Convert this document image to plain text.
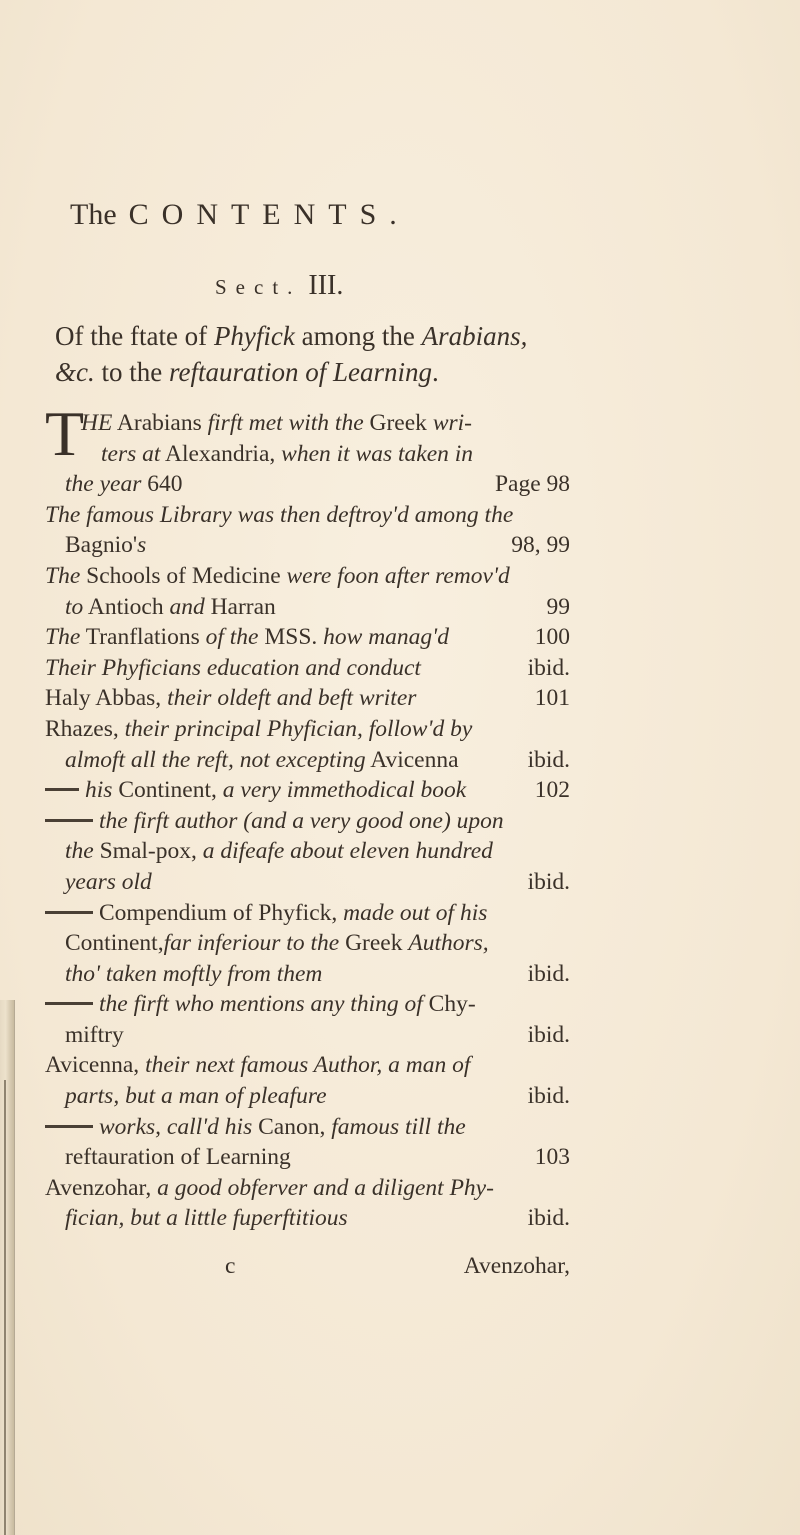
The CONTENTS.
Sect. III.
Of the ftate of Phyfick among the Arabians,
&c. to the reftauration of Learning.
T
HE Arabians firft met with the Greek wri-
ters at Alexandria, when it was taken in
the year 640	Page 98
The famous Library was then deftroy'd among the
Bagnio's	98, 99
The Schools of Medicine were foon after remov'd
to Antioch and Harran	99
The Tranflations of the MSS. how manag'd	100
Their Phyficians education and conduct	ibid.
Haly Abbas, their oldeft and beft writer	101
Rhazes, their principal Phyfician, follow'd by
almoft all the reft, not excepting Avicenna	ibid.
his Continent, a very immethodical book	102
the firft author (and a very good one) upon
the Smal-pox, a difeafe about eleven hundred
years old	ibid.
Compendium of Phyfick, made out of his
Continent,far inferiour to the Greek Authors,
tho' taken moftly from them	ibid.
the firft who mentions any thing of Chy-
miftry	ibid.
Avicenna, their next famous Author, a man of
parts, but a man of pleafure	ibid.
works, call'd his Canon, famous till the
reftauration of Learning	103
Avenzohar, a good obferver and a diligent Phy-
fician, but a little fuperftitious	ibid.
c	Avenzohar,
